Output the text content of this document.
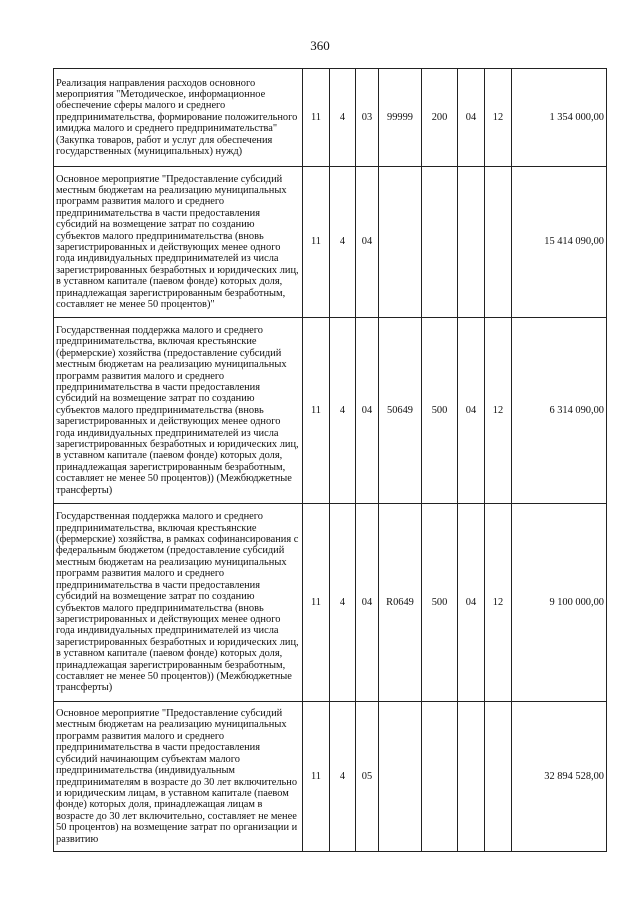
360
Реализация направления расходов основного мероприятия "Методическое, информационное обеспечение сферы малого и среднего предпринимательства, формирование положительного имиджа малого и среднего предпринимательства" (Закупка товаров, работ и услуг для обеспечения государственных (муниципальных) нужд)	11	4	03	99999	200	04	12	1 354 000,00
Основное мероприятие "Предоставление субсидий местным бюджетам на реализацию муниципальных программ развития малого и среднего предпринимательства в части предоставления субсидий на возмещение затрат по созданию субъектов малого предпринимательства (вновь зарегистрированных и действующих менее одного года индивидуальных предпринимателей из числа зарегистрированных безработных и юридических лиц, в уставном капитале (паевом фонде) которых доля, принадлежащая зарегистрированным безработным, составляет не менее 50 процентов)"	11	4	04					15 414 090,00
Государственная поддержка малого и среднего предпринимательства, включая крестьянские (фермерские) хозяйства (предоставление субсидий местным бюджетам на реализацию муниципальных программ развития малого и среднего предпринимательства в части предоставления субсидий на возмещение затрат по созданию субъектов малого предпринимательства (вновь зарегистрированных и действующих менее одного года индивидуальных предпринимателей из числа зарегистрированных безработных и юридических лиц, в уставном капитале (паевом фонде) которых доля, принадлежащая зарегистрированным безработным, составляет не менее 50 процентов)) (Межбюджетные трансферты)	11	4	04	50649	500	04	12	6 314 090,00
Государственная поддержка малого и среднего предпринимательства, включая крестьянские (фермерские) хозяйства, в рамках софинансирования с федеральным бюджетом (предоставление субсидий местным бюджетам на реализацию муниципальных программ развития малого и среднего предпринимательства в части предоставления субсидий на возмещение затрат по созданию субъектов малого предпринимательства (вновь зарегистрированных и действующих менее одного года индивидуальных предпринимателей из числа зарегистрированных безработных и юридических лиц, в уставном капитале (паевом фонде) которых доля, принадлежащая зарегистрированным безработным, составляет не менее 50 процентов)) (Межбюджетные трансферты)	11	4	04	R0649	500	04	12	9 100 000,00
Основное мероприятие "Предоставление субсидий местным бюджетам на реализацию муниципальных программ развития малого и среднего предпринимательства в части предоставления субсидий начинающим субъектам малого предпринимательства (индивидуальным предпринимателям в возрасте до 30 лет включительно и юридическим лицам, в уставном капитале (паевом фонде) которых доля, принадлежащая лицам в возрасте до 30 лет включительно, составляет не менее 50 процентов) на возмещение затрат по организации и развитию	11	4	05					32 894 528,00
